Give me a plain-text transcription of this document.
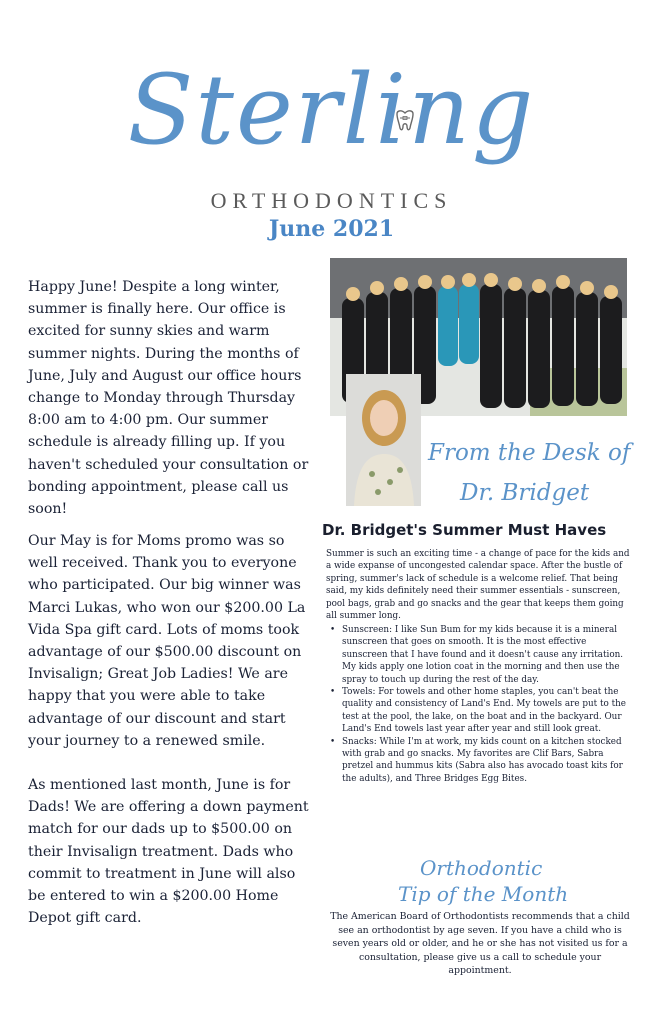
Sterling
ORTHODONTICS
June 2021

Happy June! Despite a long winter, summer is finally here. Our office is excited for sunny skies and warm summer nights. During the months of June, July and August our office hours change to Monday through Thursday 8:00 am to 4:00 pm. Our summer schedule is already filling up. If you haven't scheduled your consultation or bonding appointment, please call us soon!

Our May is for Moms promo was so well received. Thank you to everyone who participated. Our big winner was Marci Lukas, who won our $200.00 La Vida Spa gift card. Lots of moms took advantage of our $500.00 discount on Invisalign; Great Job Ladies! We are happy that you were able to take advantage of our discount and start your journey to a renewed smile.

As mentioned last month, June is for Dads! We are offering a down payment match for our dads up to $500.00 on their Invisalign treatment. Dads who commit to treatment in June will also be entered to win a $200.00 Home Depot gift card.

From the Desk of
Dr. Bridget
Dr. Bridget's Summer Must Haves

Summer is such an exciting time - a change of pace for the kids and a wide expanse of uncongested calendar space. After the bustle of spring, summer's lack of schedule is a welcome relief. That being said, my kids definitely need their summer essentials - sunscreen, pool bags, grab and go snacks and the gear that keeps them going all summer long.

• Sunscreen: I like Sun Bum for my kids because it is a mineral sunscreen that goes on smooth. It is the most effective sunscreen that I have found and it doesn't cause any irritation. My kids apply one lotion coat in the morning and then use the spray to touch up during the rest of the day.
• Towels: For towels and other home staples, you can't beat the quality and consistency of Land's End. My towels are put to the test at the pool, the lake, on the boat and in the backyard. Our Land's End towels last year after year and still look great.
• Snacks: While I'm at work, my kids count on a kitchen stocked with grab and go snacks. My favorites are Clif Bars, Sabra pretzel and hummus kits (Sabra also has avocado toast kits for the adults), and Three Bridges Egg Bites.
Orthodontic
Tip of the Month

The American Board of Orthodontists recommends that a child see an orthodontist by age seven. If you have a child who is seven years old or older, and he or she has not visited us for a consultation, please give us a call to schedule your appointment.
